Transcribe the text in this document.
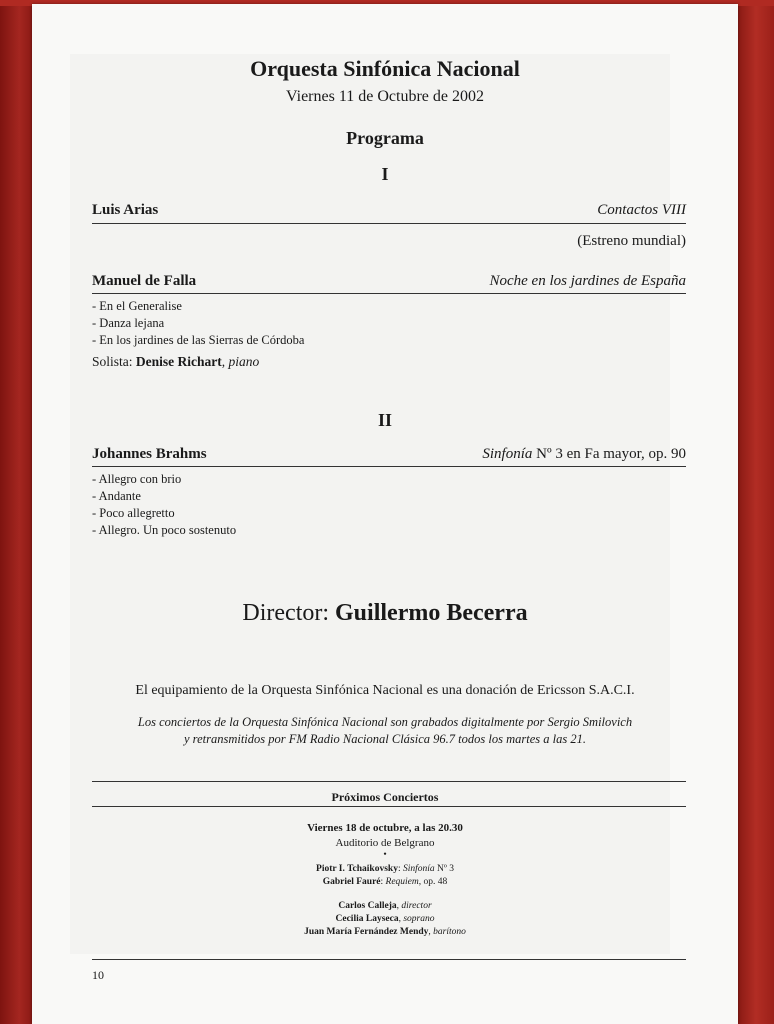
Orquesta Sinfónica Nacional
Viernes 11 de Octubre de 2002
Programa
I
Luis Arias	Contactos VIII
(Estreno mundial)
Manuel de Falla	Noche en los jardines de España
- En el Generalise
- Danza lejana
- En los jardines de las Sierras de Córdoba
Solista: Denise Richart, piano
II
Johannes Brahms	Sinfonía Nº 3 en Fa mayor, op. 90
- Allegro con brio
- Andante
- Poco allegretto
- Allegro. Un poco sostenuto
Director: Guillermo Becerra
El equipamiento de la Orquesta Sinfónica Nacional es una donación de Ericsson S.A.C.I.
Los conciertos de la Orquesta Sinfónica Nacional son grabados digitalmente por Sergio Smilovich
y retransmitidos por FM Radio Nacional Clásica 96.7 todos los martes a las 21.
Próximos Conciertos
Viernes 18 de octubre, a las 20.30
Auditorio de Belgrano
•
Piotr I. Tchaikovsky: Sinfonía Nº 3
Gabriel Fauré: Requiem, op. 48
Carlos Calleja, director
Cecilia Layseca, soprano
Juan María Fernández Mendy, barítono
10
